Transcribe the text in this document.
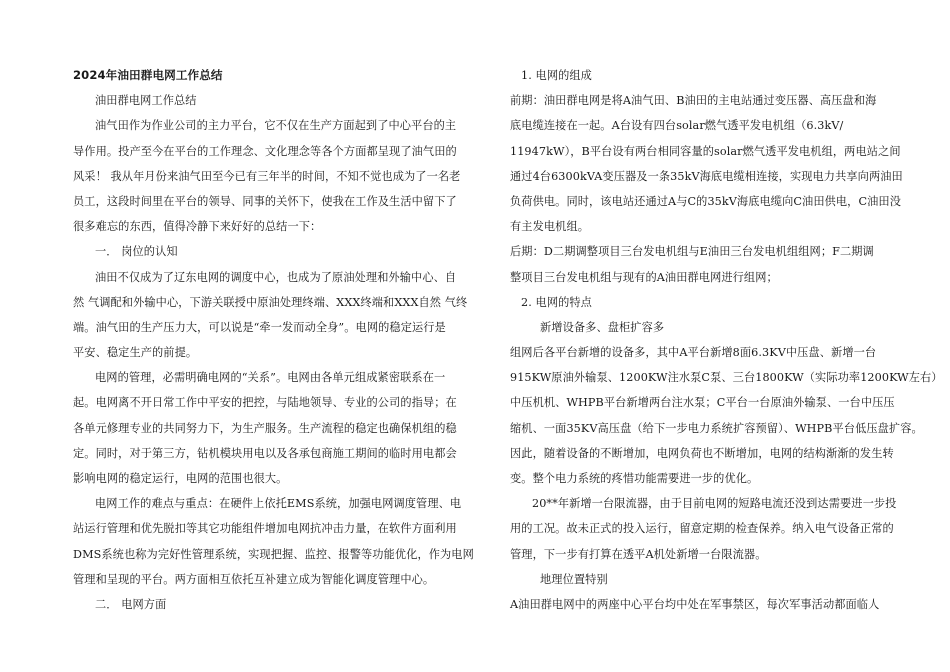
2024年油田群电网工作总结
油田群电网工作总结
油气田作为作业公司的主力平台，它不仅在生产方面起到了中心平台的主
导作用。投产至今在平台的工作理念、文化理念等各个方面都呈现了油气田的
风采！ 我从年月份来油气田至今已有三年半的时间，不知不觉也成为了一名老
员工，这段时间里在平台的领导、同事的关怀下，使我在工作及生活中留下了
很多难忘的东西，值得冷静下来好好的总结一下：
一． 岗位的认知
油田不仅成为了辽东电网的调度中心，也成为了原油处理和外输中心、自
然 气调配和外输中心，下游关联授中原油处理终端、XXX终端和XXX自然 气终
端。油气田的生产压力大，可以说是“牵一发而动全身”。电网的稳定运行是
平安、稳定生产的前提。
电网的管理，必需明确电网的“关系”。电网由各单元组成紧密联系在一
起。电网离不开日常工作中平安的把控，与陆地领导、专业的公司的指导；在
各单元修理专业的共同努力下，为生产服务。生产流程的稳定也确保机组的稳
定。同时，对于第三方，钻机模块用电以及各承包商施工期间的临时用电都会
影响电网的稳定运行，电网的范围也很大。
电网工作的难点与重点：在硬件上依托EMS系统，加强电网调度管理、电
站运行管理和优先脱扣等其它功能组件增加电网抗冲击力量，在软件方面利用
DMS系统也称为完好性管理系统，实现把握、监控、报警等功能优化，作为电网
管理和呈现的平台。两方面相互依托互补建立成为智能化调度管理中心。
二． 电网方面
1. 电网的组成
前期：油田群电网是将A油气田、B油田的主电站通过变压器、高压盘和海
底电缆连接在一起。A台设有四台solar燃气透平发电机组（6.3kV/
11947kW），B平台设有两台相同容量的solar燃气透平发电机组，两电站之间
通过4台6300kVA变压器及一条35kV海底电缆相连接，实现电力共享向两油田
负荷供电。同时，该电站还通过A与C的35kV海底电缆向C油田供电，C油田没
有主发电机组。
后期：D二期调整项目三台发电机组与E油田三台发电机组组网；F二期调
整项目三台发电机组与现有的A油田群电网进行组网；
2. 电网的特点
新增设备多、盘柜扩容多
组网后各平台新增的设备多，其中A平台新增8面6.3KV中压盘、新增一台
915KW原油外输泵、1200KW注水泵C泵、三台1800KW（实际功率1200KW左右）
中压机机、WHPB平台新增两台注水泵；C平台一台原油外输泵、一台中压压
缩机、一面35KV高压盘（给下一步电力系统扩容预留）、WHPB平台低压盘扩容。
因此，随着设备的不断增加，电网负荷也不断增加，电网的结构渐渐的发生转
变。整个电力系统的疼惜功能需要进一步的优化。
20**年新增一台限流器，由于目前电网的短路电流还没到达需要进一步投
用的工况。故未正式的投入运行，留意定期的检查保养。纳入电气设备正常的
管理，下一步有打算在透平A机处新增一台限流器。
地理位置特别
A油田群电网中的两座中心平台均中处在军事禁区，每次军事活动都面临人
